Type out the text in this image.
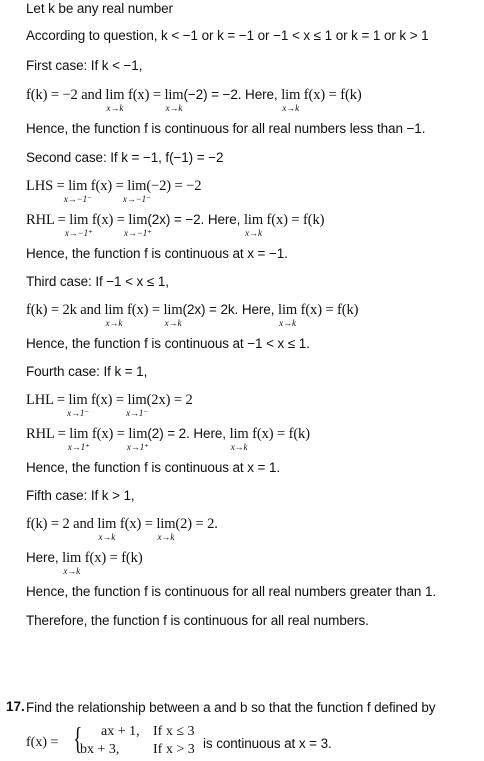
Let k be any real number
According to question, k < −1 or k = −1 or −1 < x ≤ 1 or k = 1 or k > 1
First case: If k < −1,
f(k) = −2 and lim
x→k
f(x) = lim
x→k
(−2) = −2. Here, lim
x→k
f(x) = f(k)
Hence, the function f is continuous for all real numbers less than −1.
Second case: If k = −1, f(−1) = −2
LHS = lim
x→−1⁻
f(x) = lim
x→−1⁻
(−2) = −2
RHL = lim
x→−1⁺
f(x) = lim
x→−1⁺
(2x) = −2. Here, lim
x→k
f(x) = f(k)
Hence, the function f is continuous at x = −1.
Third case: If −1 < x ≤ 1,
f(k) = 2k and lim
x→k
f(x) = lim
x→k
(2x) = 2k. Here, lim
x→k
f(x) = f(k)
Hence, the function f is continuous at −1 < x ≤ 1.
Fourth case: If k = 1,
LHL = lim
x→1⁻
f(x) = lim
x→1⁻
(2x) = 2
RHL = lim
x→1⁺
f(x) = lim
x→1⁺
(2) = 2. Here, lim
x→k
f(x) = f(k)
Hence, the function f is continuous at x = 1.
Fifth case: If k > 1,
f(k) = 2 and lim
x→k
f(x) = lim
x→k
(2) = 2.
Here, lim
x→k
f(x) = f(k)
Hence, the function f is continuous for all real numbers greater than 1.
Therefore, the function f is continuous for all real numbers.
17. Find the relationship between a and b so that the function f defined by
f(x) = { ax + 1, If x ≤ 3
bx + 3, If x > 3 is continuous at x = 3.
